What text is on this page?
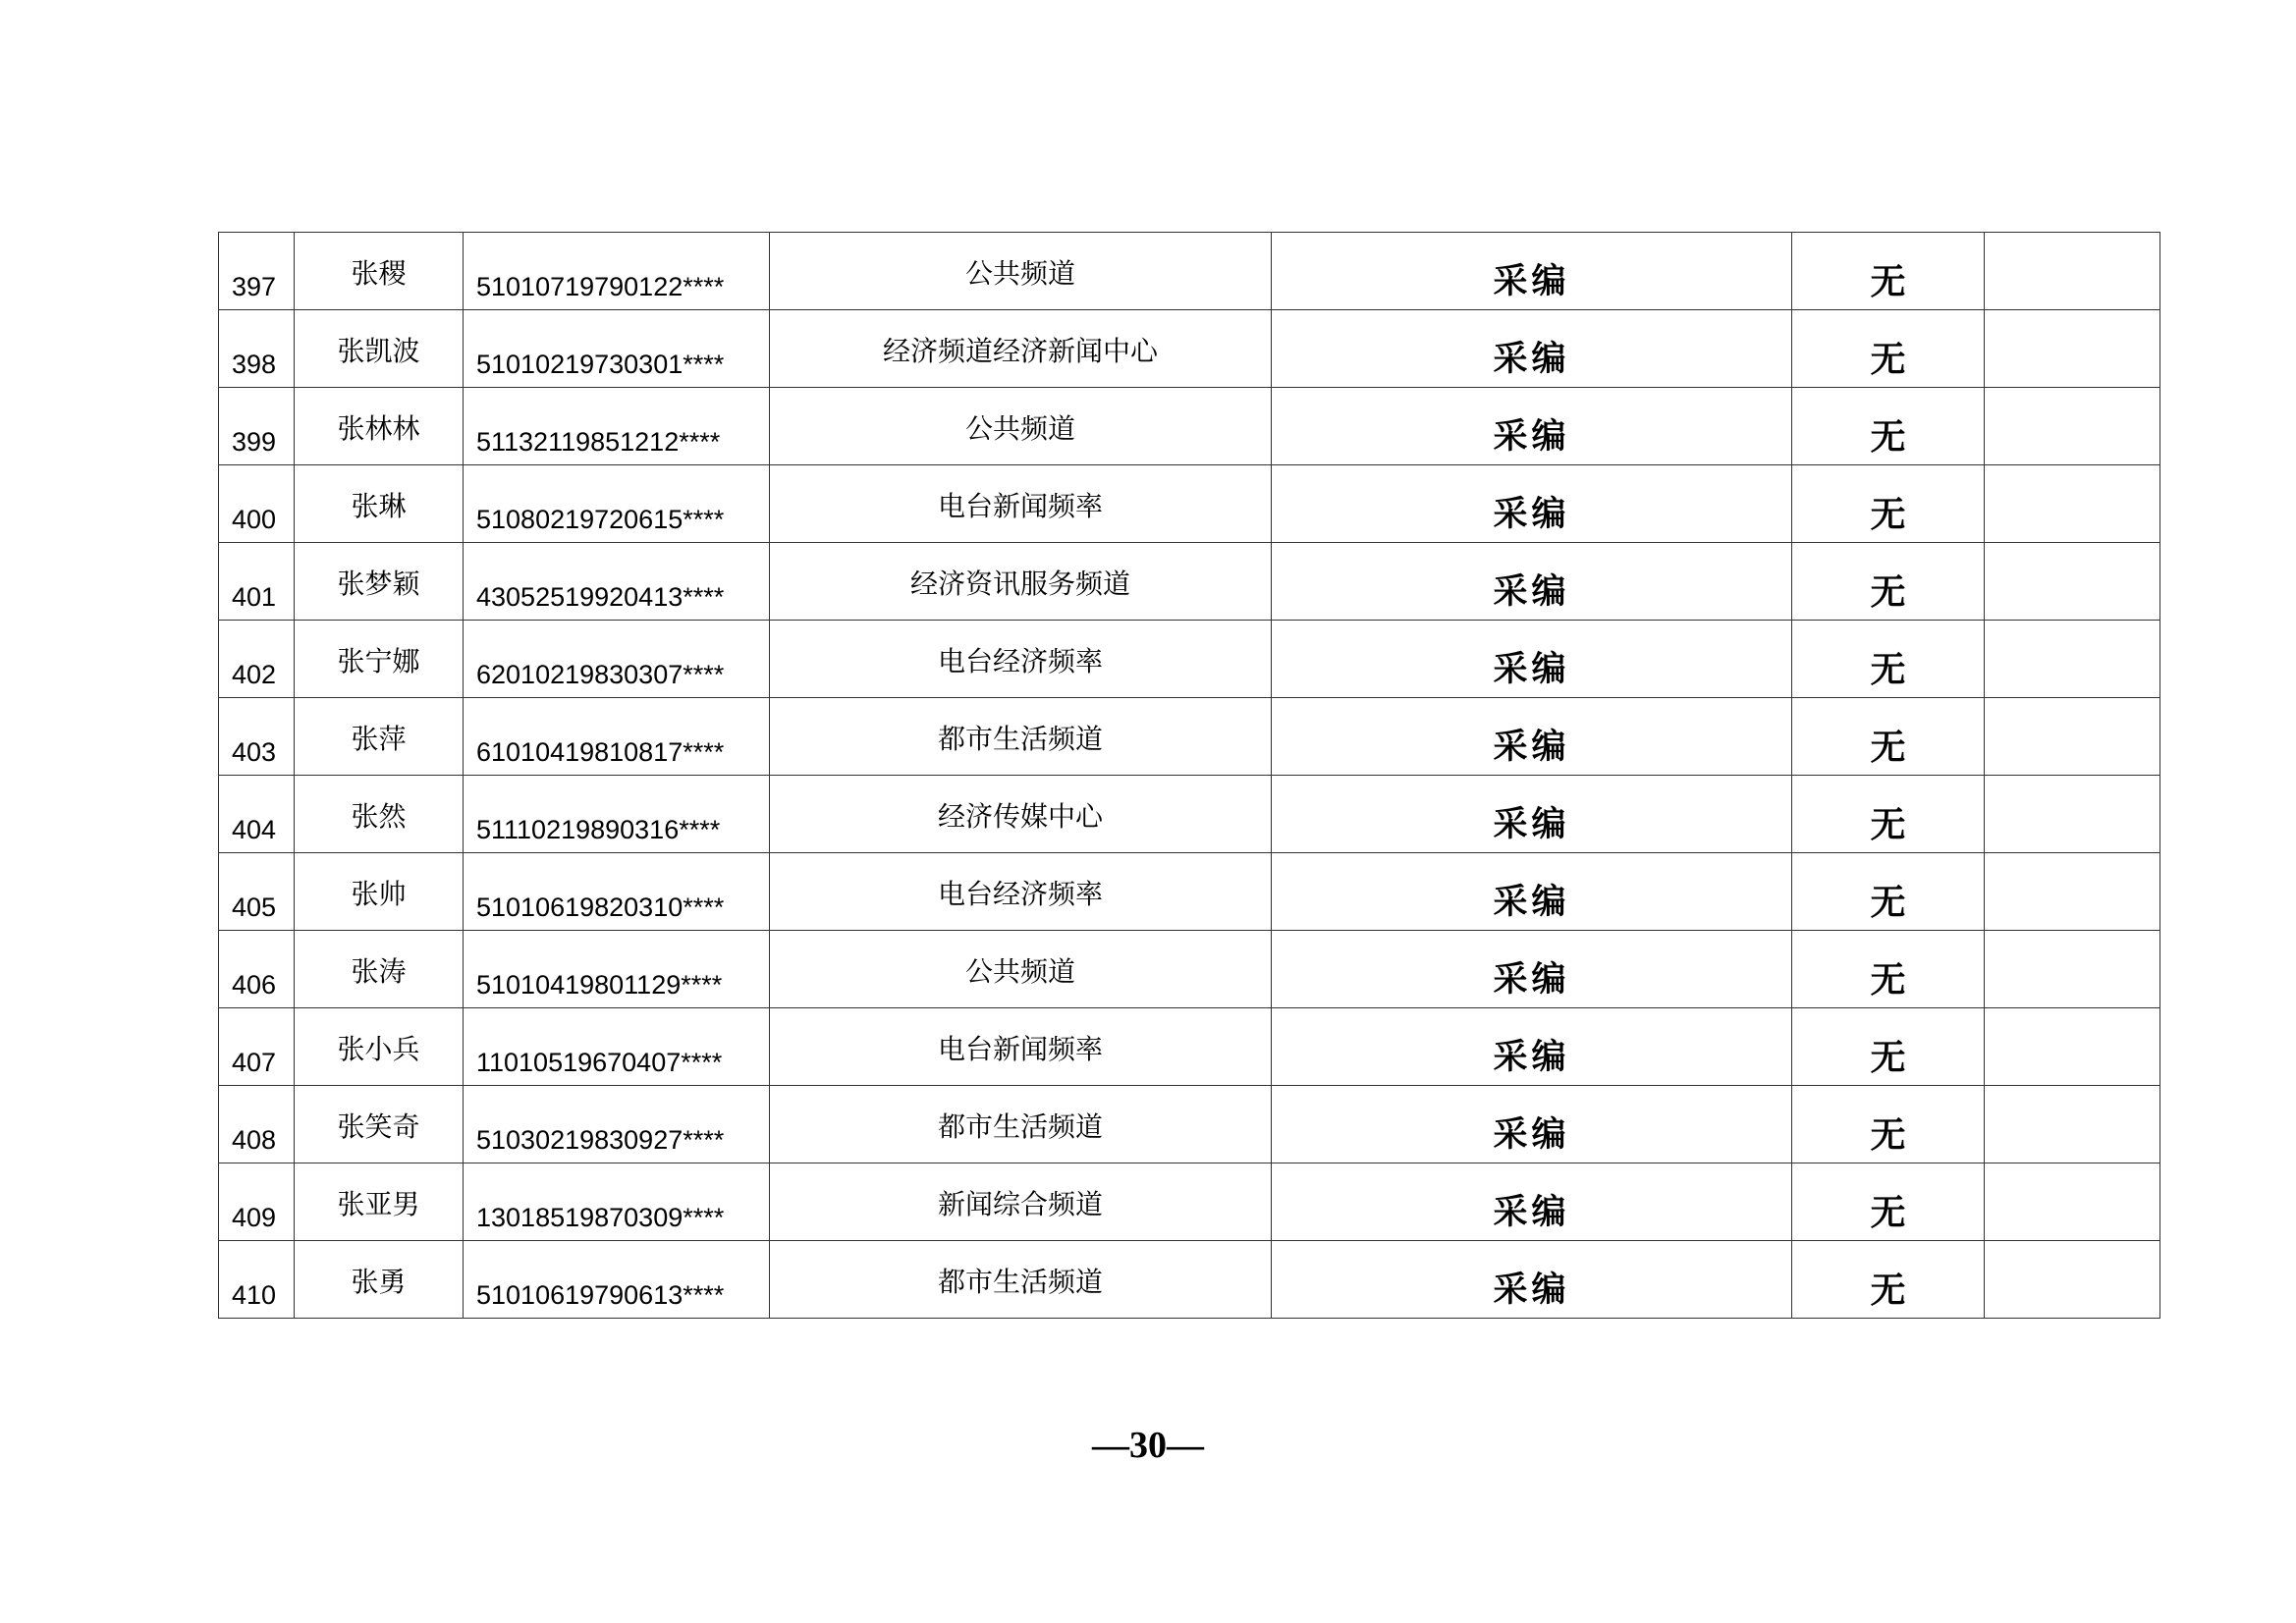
397	张稷	51010719790122****	公共频道	采编	无	

398	张凯波	51010219730301****	经济频道经济新闻中心	采编	无	

399	张林林	51132119851212****	公共频道	采编	无	

400	张琳	51080219720615****	电台新闻频率	采编	无	

401	张梦颖	43052519920413****	经济资讯服务频道	采编	无	

402	张宁娜	62010219830307****	电台经济频率	采编	无	

403	张萍	61010419810817****	都市生活频道	采编	无	

404	张然	51110219890316****	经济传媒中心	采编	无	

405	张帅	51010619820310****	电台经济频率	采编	无	

406	张涛	51010419801129****	公共频道	采编	无	

407	张小兵	11010519670407****	电台新闻频率	采编	无	

408	张笑奇	51030219830927****	都市生活频道	采编	无	

409	张亚男	13018519870309****	新闻综合频道	采编	无	

410	张勇	51010619790613****	都市生活频道	采编	无	

—30—
